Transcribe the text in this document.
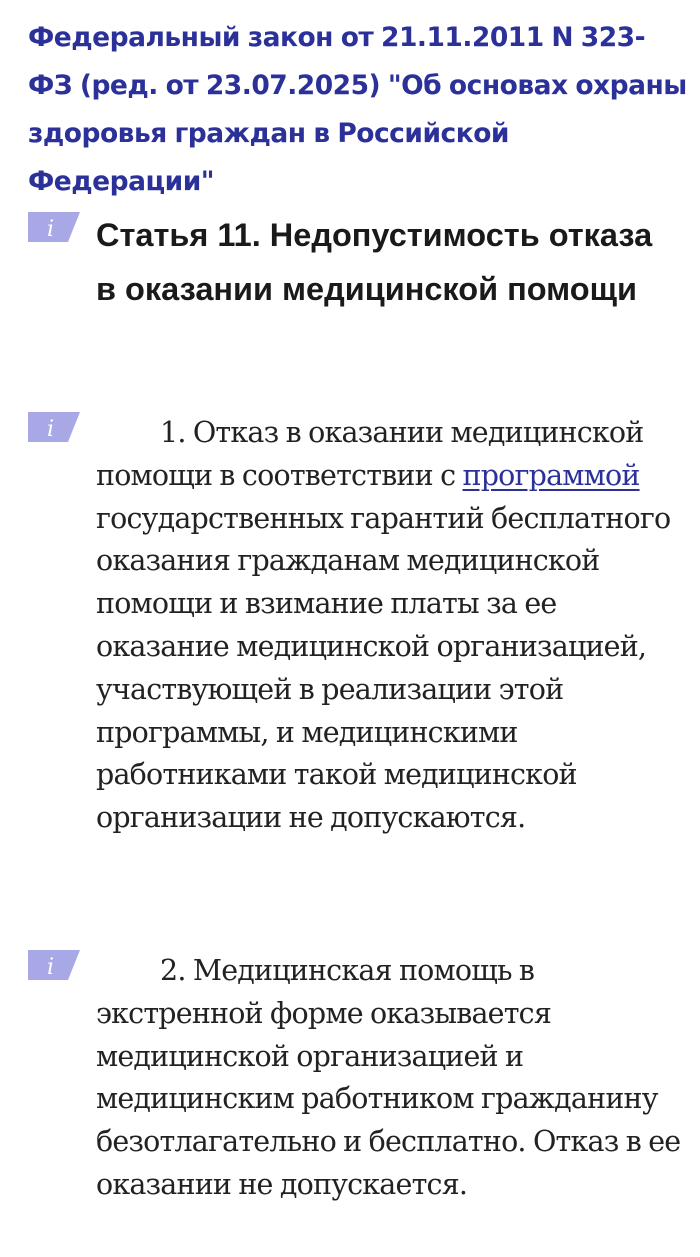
Федеральный закон от 21.11.2011 N 323-ФЗ (ред. от 23.07.2025) "Об основах охраны здоровья граждан в Российской Федерации"
i Статья 11. Недопустимость отказа в оказании медицинской помощи
i	1. Отказ в оказании медицинской помощи в соответствии с программой государственных гарантий бесплатного оказания гражданам медицинской помощи и взимание платы за ее оказание медицинской организацией, участвующей в реализации этой программы, и медицинскими работниками такой медицинской организации не допускаются.
i	2. Медицинская помощь в экстренной форме оказывается медицинской организацией и медицинским работником гражданину безотлагательно и бесплатно. Отказ в ее оказании не допускается.
